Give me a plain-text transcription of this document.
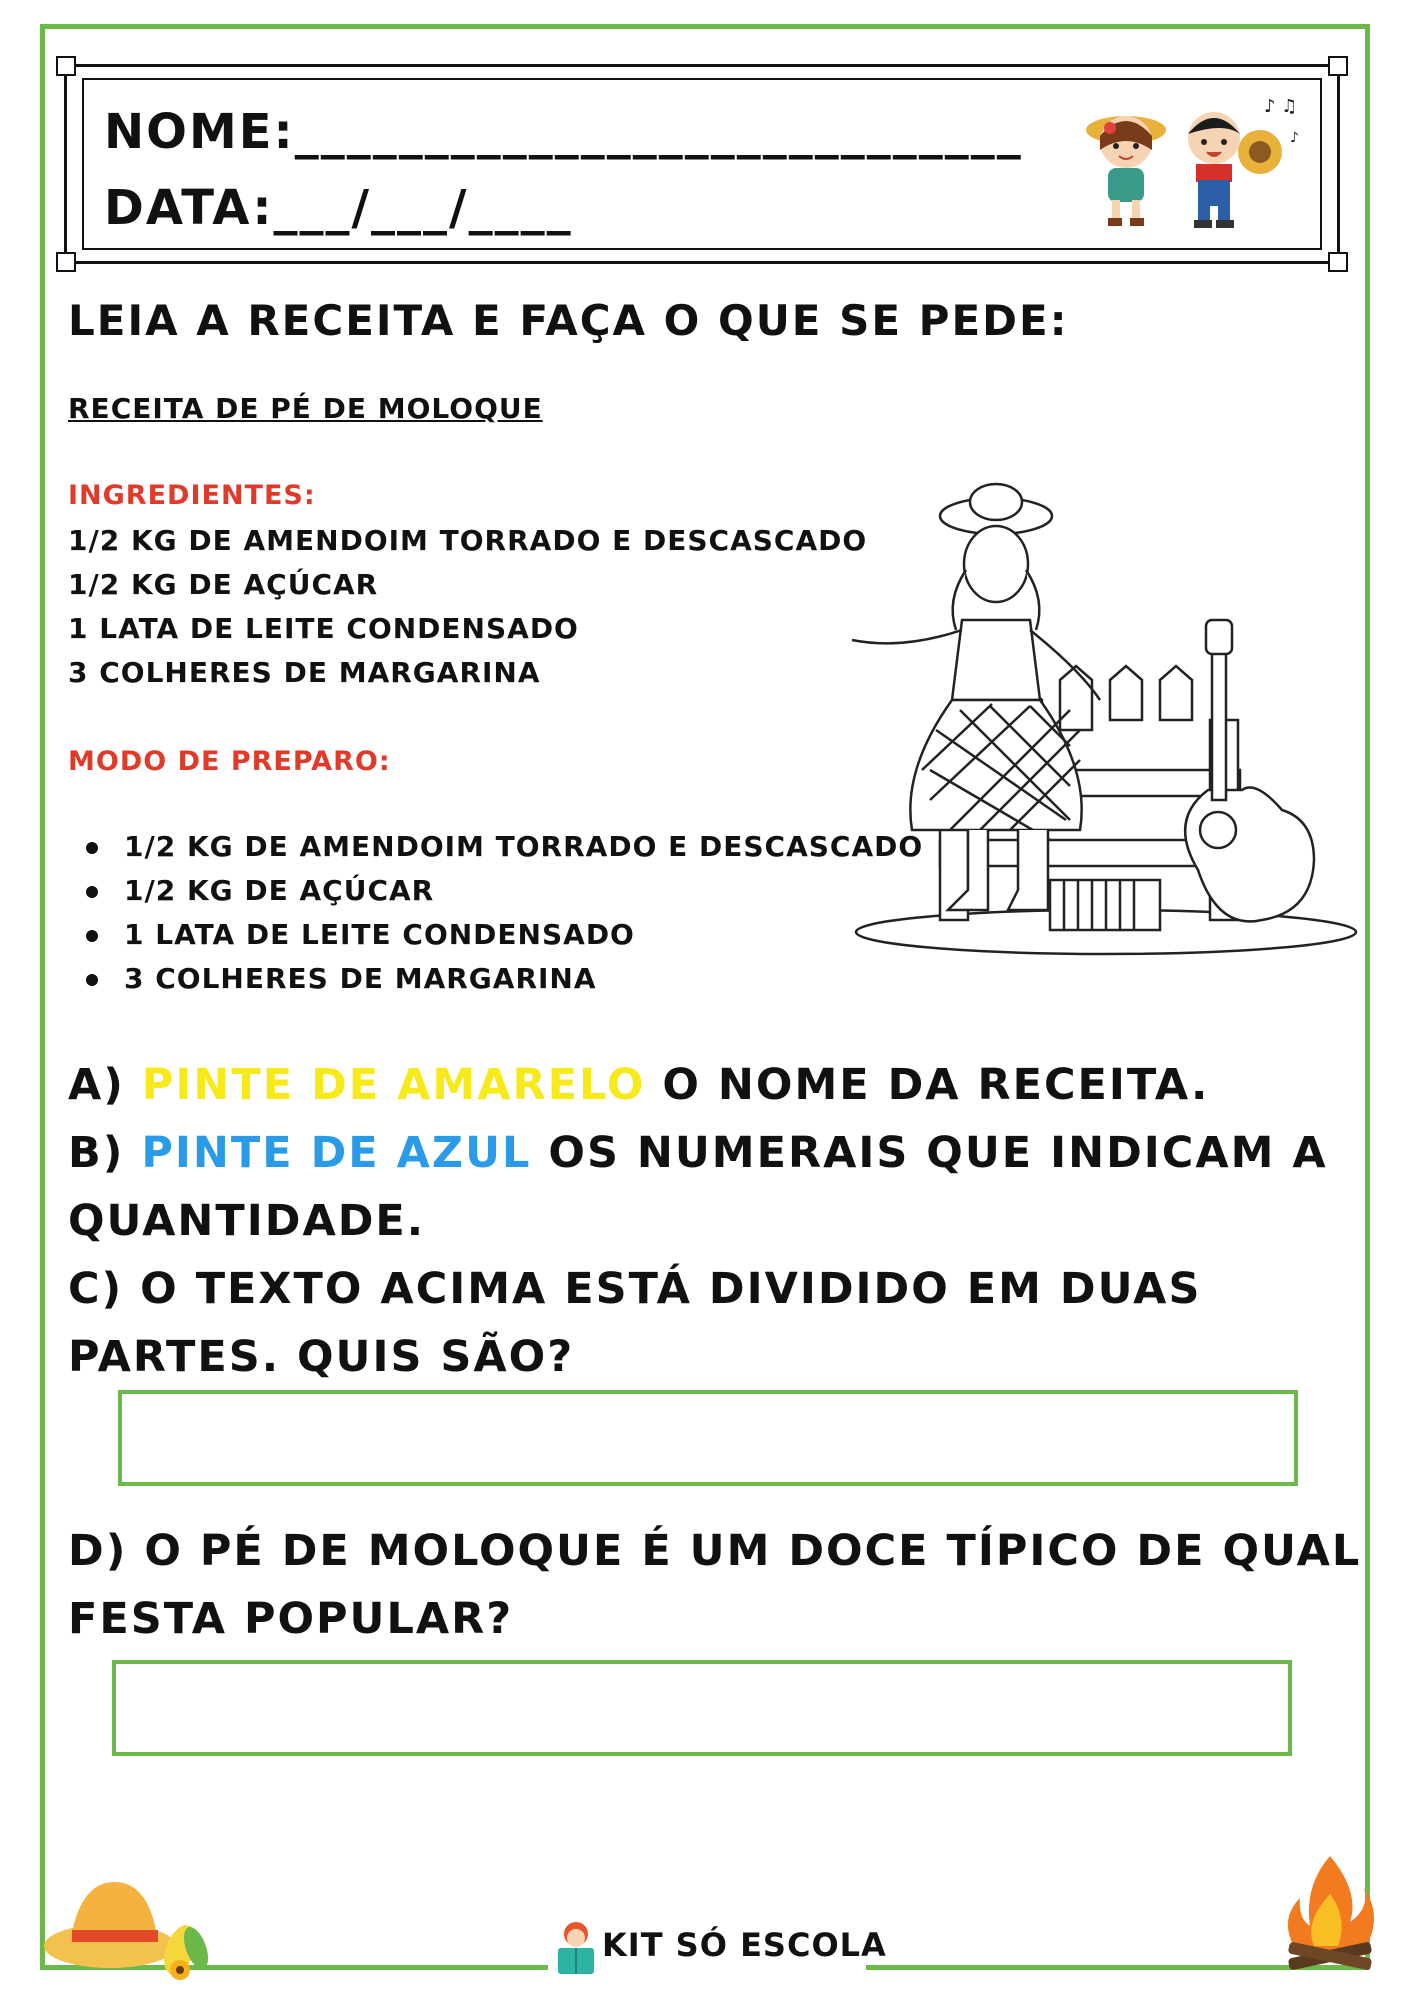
NOME:____________________________
DATA:___/___/____
♪ ♫
♪
LEIA A RECEITA E FAÇA O QUE SE PEDE:
RECEITA DE PÉ DE MOLOQUE
INGREDIENTES:
1/2 KG DE AMENDOIM TORRADO E DESCASCADO
1/2 KG DE AÇÚCAR
1 LATA DE LEITE CONDENSADO
3 COLHERES DE MARGARINA
MODO DE PREPARO:
1/2 KG DE AMENDOIM TORRADO E DESCASCADO
1/2 KG DE AÇÚCAR
1 LATA DE LEITE CONDENSADO
3 COLHERES DE MARGARINA
A) PINTE DE AMARELO O NOME DA RECEITA.
B) PINTE DE AZUL OS NUMERAIS QUE INDICAM A
QUANTIDADE.
C) O TEXTO ACIMA ESTÁ DIVIDIDO EM DUAS
PARTES. QUIS SÃO?
D) O PÉ DE MOLOQUE É UM DOCE TÍPICO DE QUAL
FESTA POPULAR?
KIT SÓ ESCOLA
